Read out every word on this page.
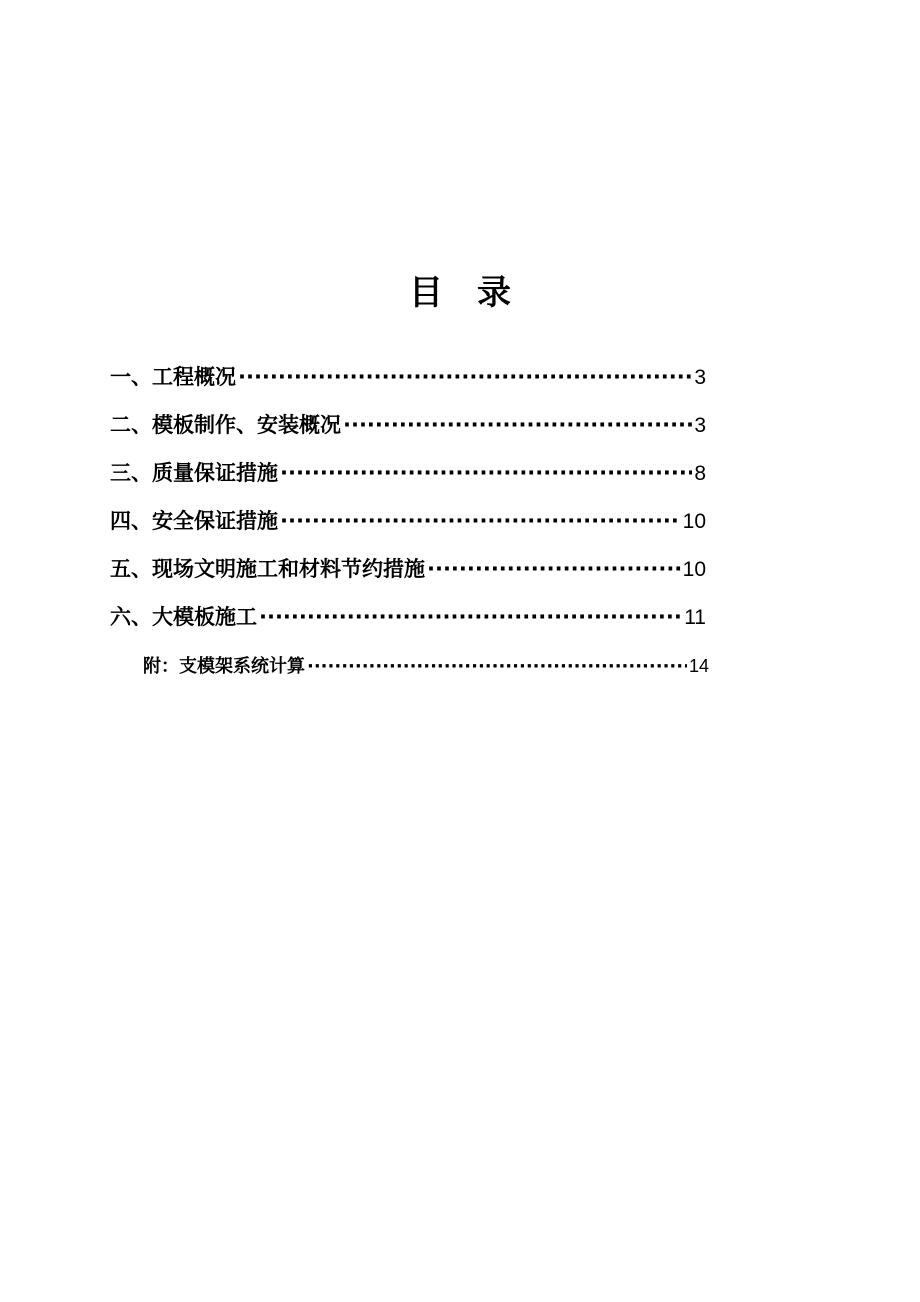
目　录
一、工程概况 ·····	3
二、模板制作、安装概况 ·····	3
三、质量保证措施 ·····	8
四、安全保证措施 ·····	10
五、现场文明施工和材料节约措施 ·····	10
六、大模板施工 ·····	11
附：支模架系统计算 ·····	14
